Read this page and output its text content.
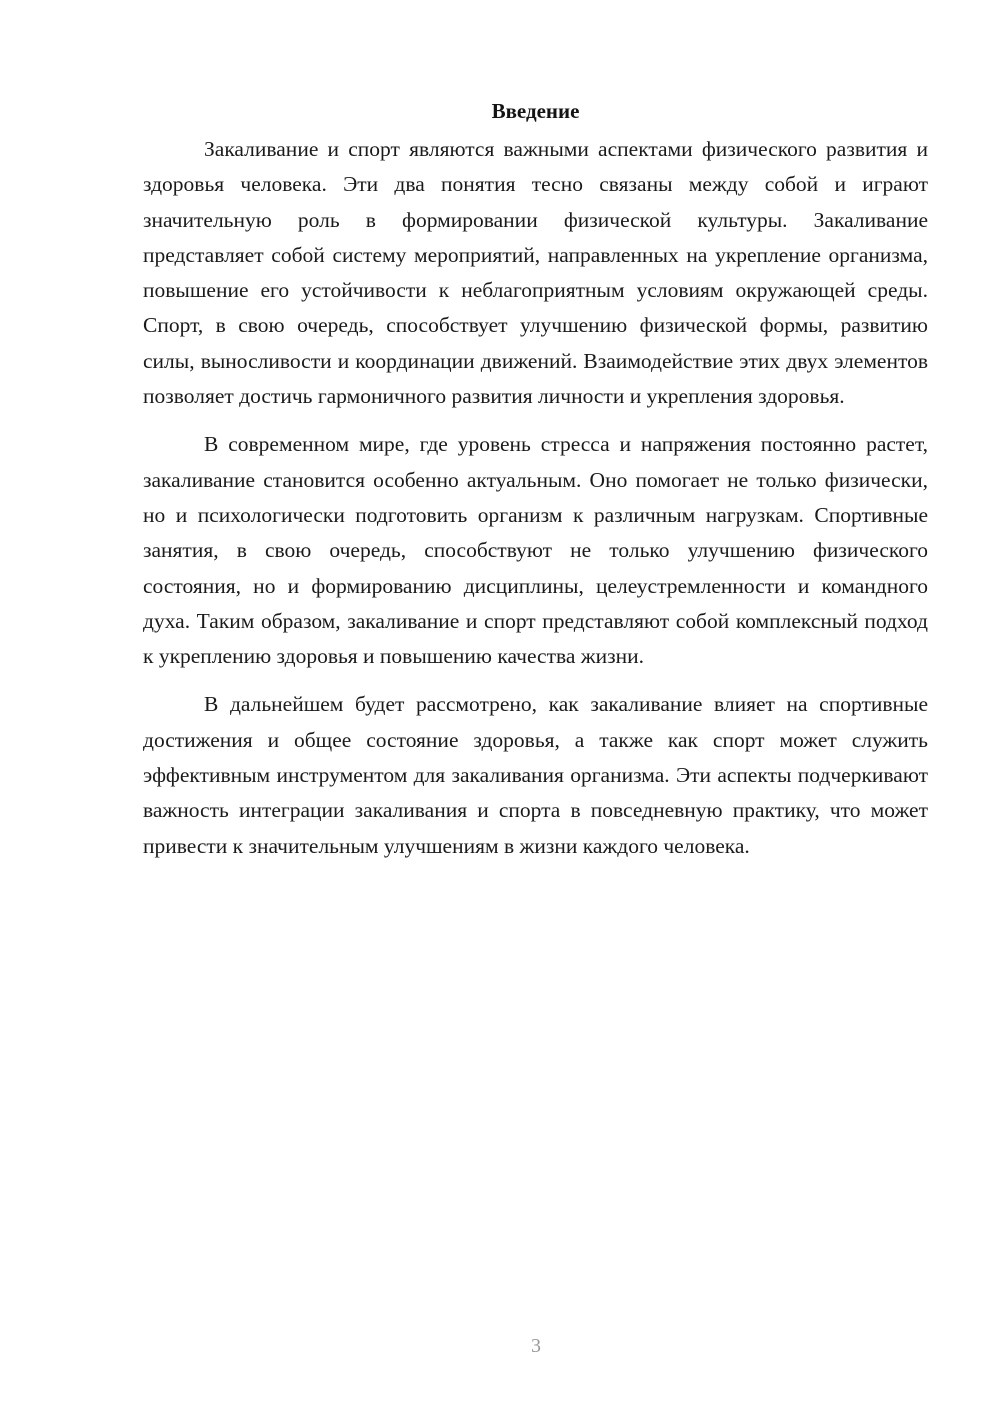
Введение

Закаливание и спорт являются важными аспектами физического развития и здоровья человека. Эти два понятия тесно связаны между собой и играют значительную роль в формировании физической культуры. Закаливание представляет собой систему мероприятий, направленных на укрепление организма, повышение его устойчивости к неблагоприятным условиям окружающей среды. Спорт, в свою очередь, способствует улучшению физической формы, развитию силы, выносливости и координации движений. Взаимодействие этих двух элементов позволяет достичь гармоничного развития личности и укрепления здоровья.

В современном мире, где уровень стресса и напряжения постоянно растет, закаливание становится особенно актуальным. Оно помогает не только физически, но и психологически подготовить организм к различным нагрузкам. Спортивные занятия, в свою очередь, способствуют не только улучшению физического состояния, но и формированию дисциплины, целеустремленности и командного духа. Таким образом, закаливание и спорт представляют собой комплексный подход к укреплению здоровья и повышению качества жизни.

В дальнейшем будет рассмотрено, как закаливание влияет на спортивные достижения и общее состояние здоровья, а также как спорт может служить эффективным инструментом для закаливания организма. Эти аспекты подчеркивают важность интеграции закаливания и спорта в повседневную практику, что может привести к значительным улучшениям в жизни каждого человека.

3
